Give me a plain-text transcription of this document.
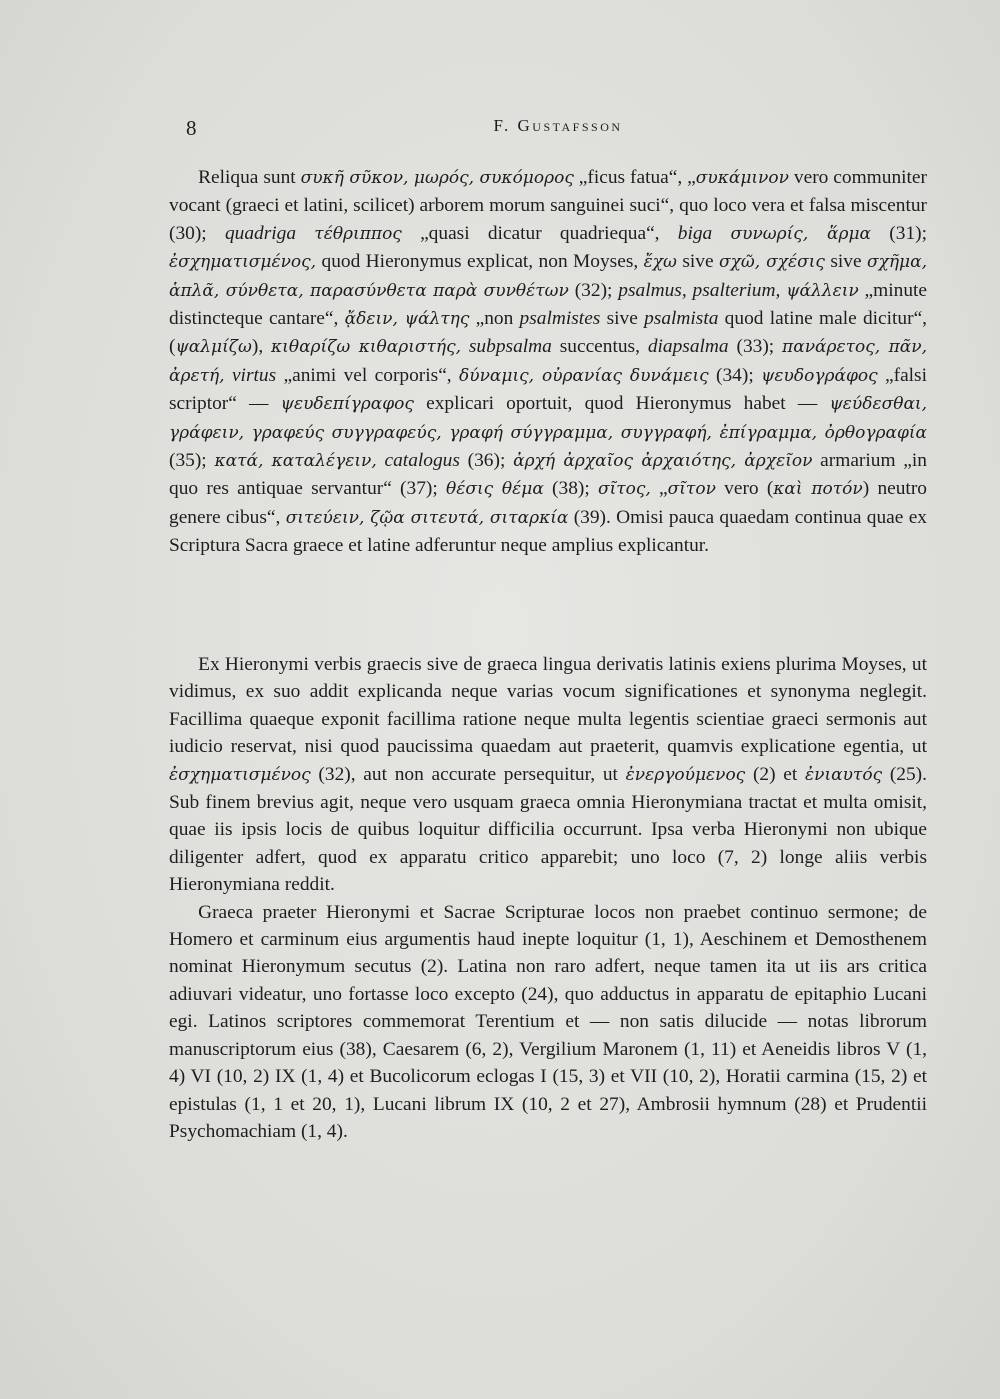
8	F. Gustafsson

Reliqua sunt συκῆ σῦκον, μωρός, συκόμορος „ficus fatua“, „συκάμινον vero communiter vocant (graeci et latini, scilicet) arborem morum sanguinei suci“, quo loco vera et falsa miscentur (30); quadriga τέθριππος „quasi dicatur quadriequa“, biga συνωρίς, ἅρμα (31); ἐσχηματισμένος, quod Hieronymus explicat, non Moyses, ἔχω sive σχῶ, σχέσις sive σχῆμα, ἁπλᾶ, σύνθετα, παρασύνθετα παρὰ συνθέτων (32); psalmus, psalterium, ψάλλειν „minute distincteque cantare“, ᾄδειν, ψάλτης „non psalmistes sive psalmista quod latine male dicitur“, (ψαλμίζω), κιθαρίζω κιθαριστής, subpsalma succentus, diapsalma (33); πανάρετος, πᾶν, ἀρετή, virtus „animi vel corporis“, δύναμις, οὐρανίας δυνάμεις (34); ψευδογράφος „falsi scriptor“ — ψευδεπίγραφος explicari oportuit, quod Hieronymus habet — ψεύδεσθαι, γράφειν, γραφεύς συγγραφεύς, γραφή σύγγραμμα, συγγραφή, ἐπίγραμμα, ὀρθογραφία (35); κατά, καταλέγειν, catalogus (36); ἀρχή ἀρχαῖος ἀρχαιότης, ἀρχεῖον armarium „in quo res antiquae servantur“ (37); θέσις θέμα (38); σῖτος, „σῖτον vero (καὶ ποτόν) neutro genere cibus“, σιτεύειν, ζῷα σιτευτά, σιταρκία (39). Omisi pauca quaedam continua quae ex Scriptura Sacra graece et latine adferuntur neque amplius explicantur.

Ex Hieronymi verbis graecis sive de graeca lingua derivatis latinis exiens plurima Moyses, ut vidimus, ex suo addit explicanda neque varias vocum significationes et synonyma neglegit. Facillima quaeque exponit facillima ratione neque multa legentis scientiae graeci sermonis aut iudicio reservat, nisi quod paucissima quaedam aut praeterit, quamvis explicatione egentia, ut ἐσχηματισμένος (32), aut non accurate persequitur, ut ἐνεργούμενος (2) et ἐνιαυτός (25). Sub finem brevius agit, neque vero usquam graeca omnia Hieronymiana tractat et multa omisit, quae iis ipsis locis de quibus loquitur difficilia occurrunt. Ipsa verba Hieronymi non ubique diligenter adfert, quod ex apparatu critico apparebit; uno loco (7, 2) longe aliis verbis Hieronymiana reddit.

Graeca praeter Hieronymi et Sacrae Scripturae locos non praebet continuo sermone; de Homero et carminum eius argumentis haud inepte loquitur (1, 1), Aeschinem et Demosthenem nominat Hieronymum secutus (2). Latina non raro adfert, neque tamen ita ut iis ars critica adiuvari videatur, uno fortasse loco excepto (24), quo adductus in apparatu de epitaphio Lucani egi. Latinos scriptores commemorat Terentium et — non satis dilucide — notas librorum manuscriptorum eius (38), Caesarem (6, 2), Vergilium Maronem (1, 11) et Aeneidis libros V (1, 4) VI (10, 2) IX (1, 4) et Bucolicorum eclogas I (15, 3) et VII (10, 2), Horatii carmina (15, 2) et epistulas (1, 1 et 20, 1), Lucani librum IX (10, 2 et 27), Ambrosii hymnum (28) et Prudentii Psychomachiam (1, 4).
